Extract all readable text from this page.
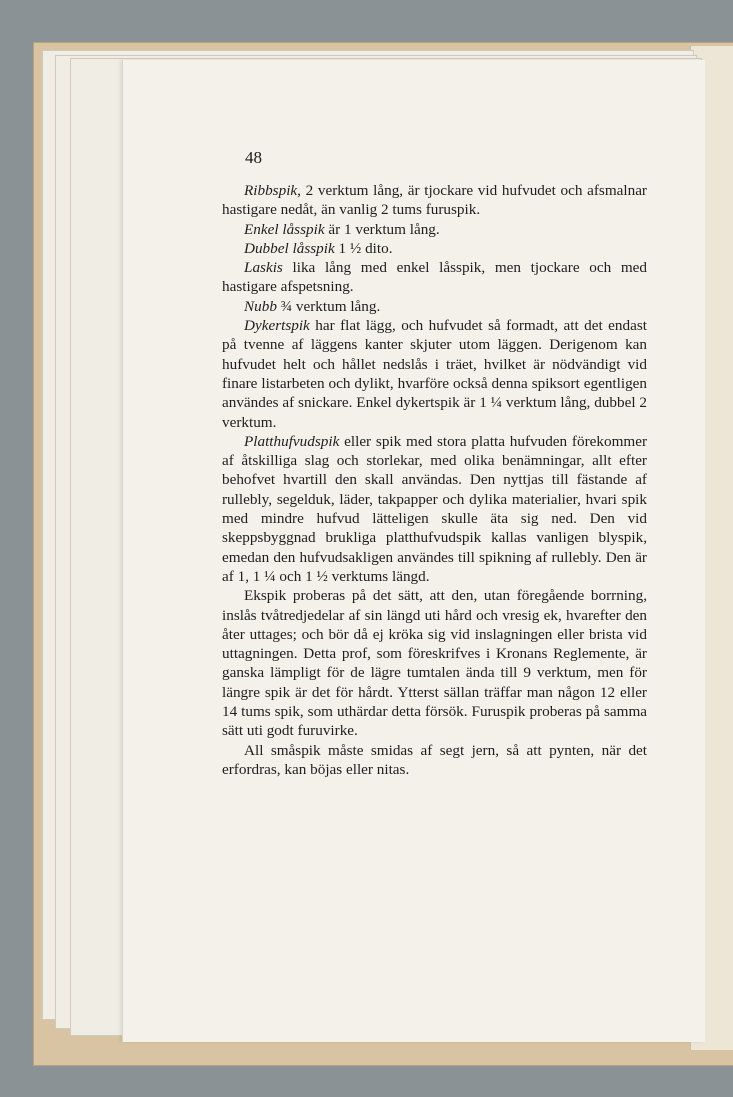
48

Ribbspik, 2 verktum lång, är tjockare vid hufvudet och afsmalnar hastigare nedåt, än vanlig 2 tums furuspik.

Enkel låsspik är 1 verktum lång.

Dubbel låsspik 1 ½ dito.

Laskis lika lång med enkel låsspik, men tjockare och med hastigare afspetsning.

Nubb ¾ verktum lång.

Dykertspik har flat lägg, och hufvudet så formadt, att det endast på tvenne af läggens kanter skjuter utom läggen. Derigenom kan hufvudet helt och hållet nedslås i träet, hvilket är nödvändigt vid finare listarbeten och dylikt, hvarföre också denna spiksort egentligen användes af snickare. Enkel dykertspik är 1 ¼ verktum lång, dubbel 2 verktum.

Platthufvudspik eller spik med stora platta hufvuden förekommer af åtskilliga slag och storlekar, med olika benämningar, allt efter behofvet hvartill den skall användas. Den nyttjas till fästande af rullebly, segelduk, läder, takpapper och dylika materialier, hvari spik med mindre hufvud lätteligen skulle äta sig ned. Den vid skeppsbyggnad brukliga platthufvudspik kallas vanligen blyspik, emedan den hufvudsakligen användes till spikning af rullebly. Den är af 1, 1 ¼ och 1 ½ verktums längd.

Ekspik proberas på det sätt, att den, utan föregående borrning, inslås tvåtredjedelar af sin längd uti hård och vresig ek, hvarefter den åter uttages; och bör då ej kröka sig vid inslagningen eller brista vid uttagningen. Detta prof, som föreskrifves i Kronans Reglemente, är ganska lämpligt för de lägre tumtalen ända till 9 verktum, men för längre spik är det för hårdt. Ytterst sällan träffar man någon 12 eller 14 tums spik, som uthärdar detta försök. Furuspik proberas på samma sätt uti godt furuvirke.

All småspik måste smidas af segt jern, så att pynten, när det erfordras, kan böjas eller nitas.
